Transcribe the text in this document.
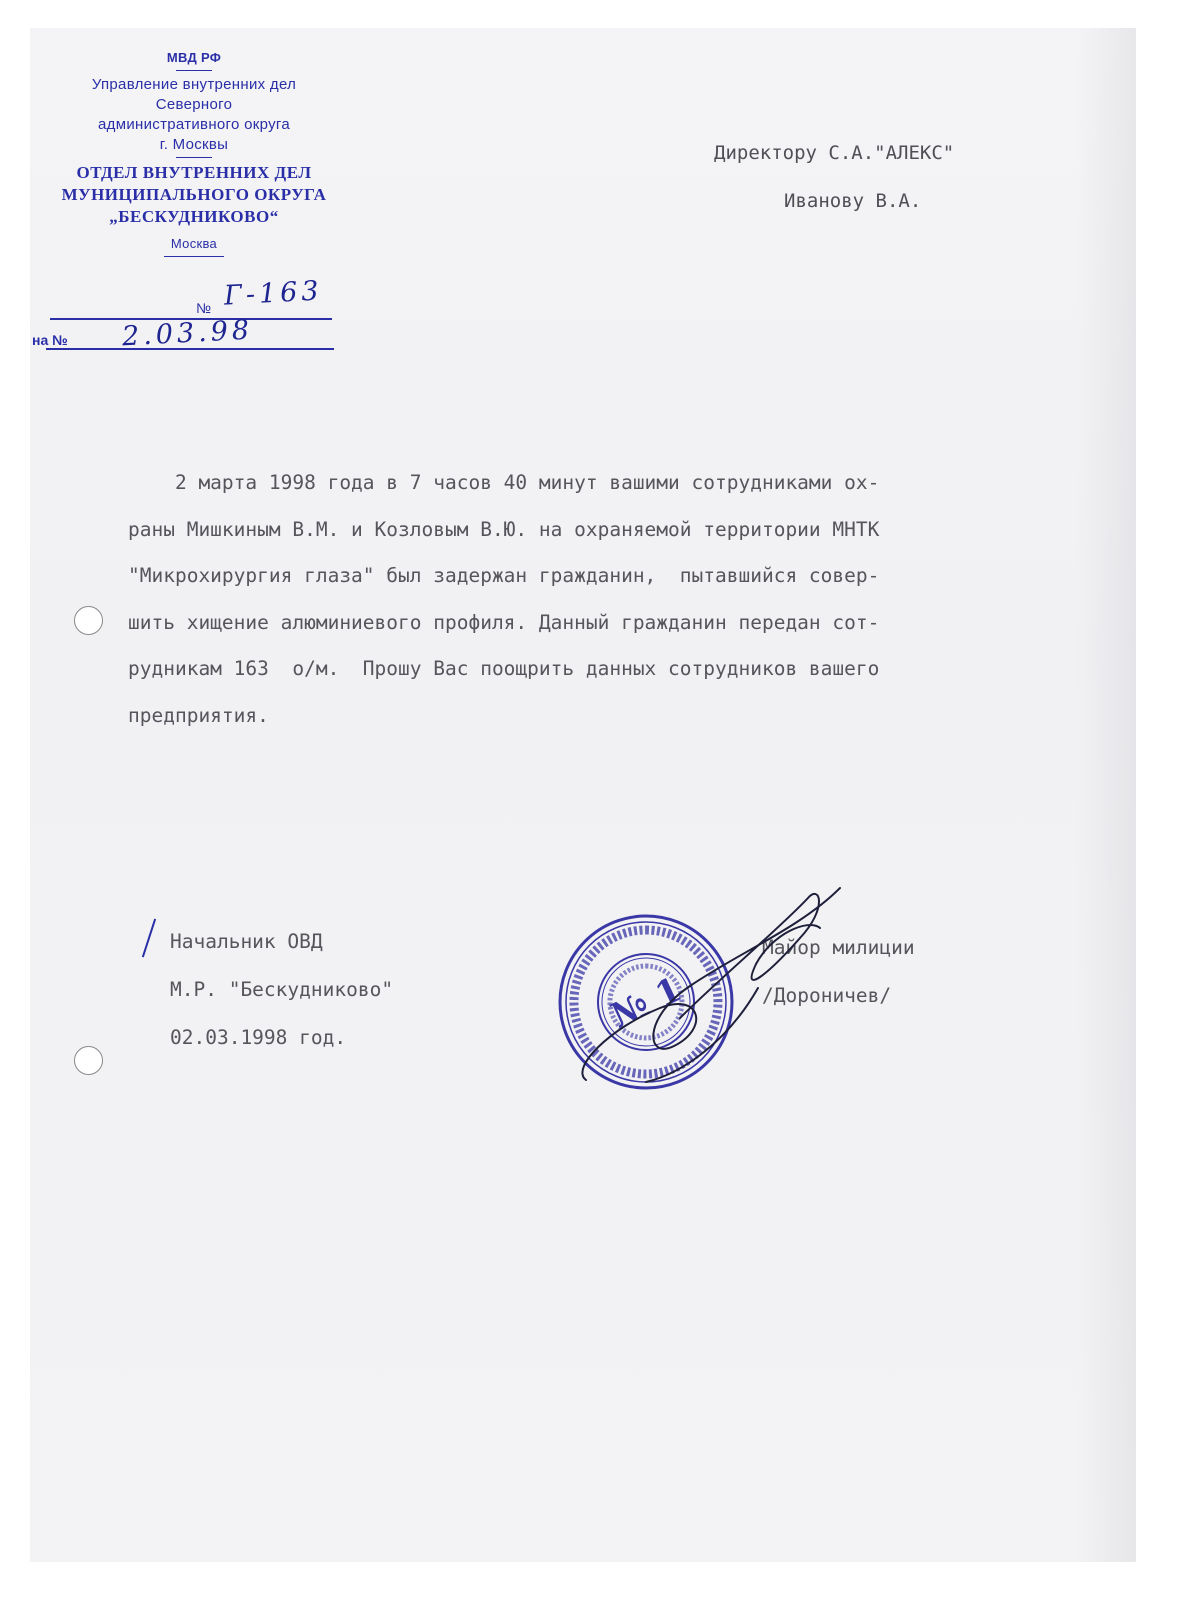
МВД РФ
Управление внутренних дел
Северного
административного округа
г. Москвы
ОТДЕЛ ВНУТРЕННИХ ДЕЛ
МУНИЦИПАЛЬНОГО ОКРУГА
„БЕСКУДНИКОВО“
Москва
№ Г-163
на № 2.03.98
Директору С.А."АЛЕКС"
Иванову В.А.
2 марта 1998 года в 7 часов 40 минут вашими сотрудниками ох-
раны Мишкиным В.М. и Козловым В.Ю. на охраняемой территории МНТК
"Микрохирургия глаза" был задержан гражданин,  пытавшийся совер-
шить хищение алюминиевого профиля. Данный гражданин передан сот-
рудникам 163  о/м.  Прошу Вас поощрить данных сотрудников вашего
предприятия.
Начальник ОВД
М.Р. "Бескудниково"
02.03.1998 год.
Майор милиции
/Дороничев/
№ 1
